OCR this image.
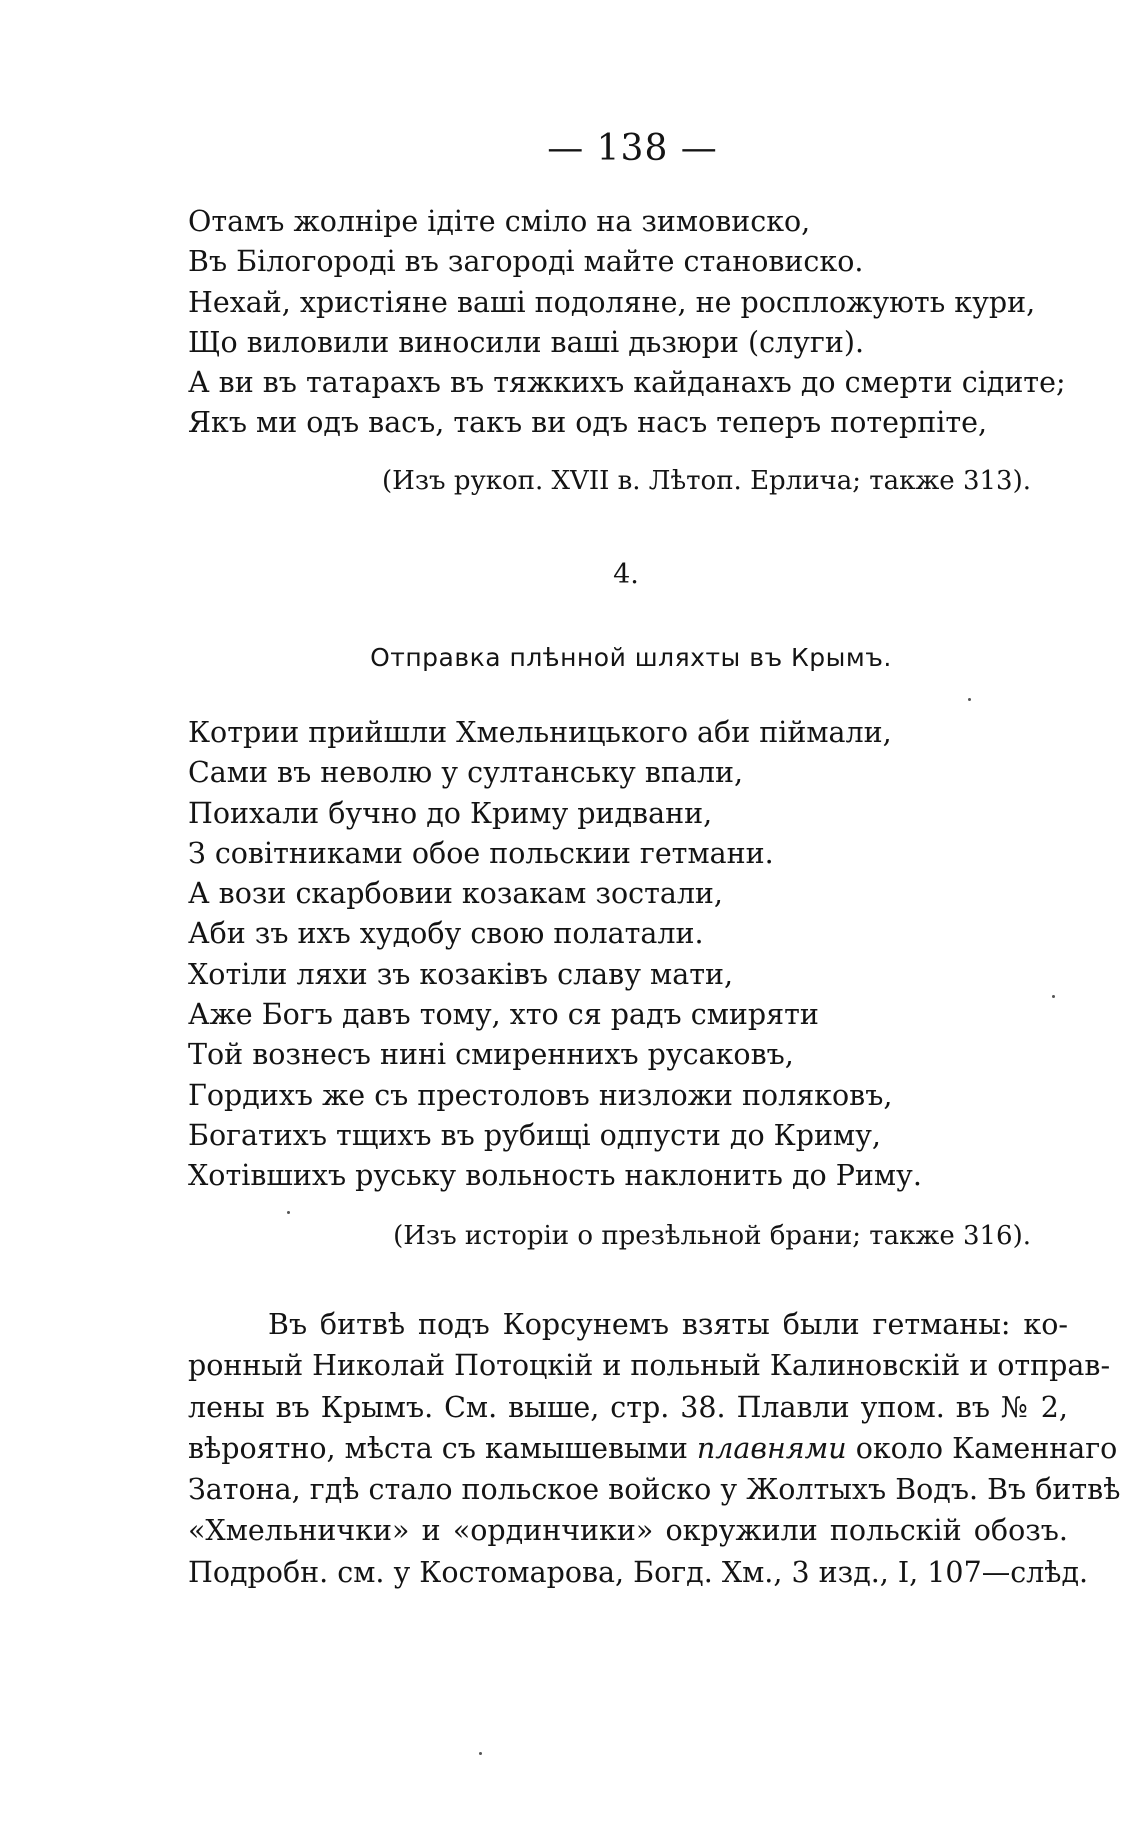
— 138 —
Отамъ жолніре ідіте сміло на зимовиско,
Въ Білогороді въ загороді майте становиско.
Нехай, христіяне ваші подоляне, не роспложують кури,
Що виловили виносили ваші дьзюри (слуги).
А ви въ татарахъ въ тяжкихъ кайданахъ до смерти сідите;
Якъ ми одъ васъ, такъ ви одъ насъ теперъ потерпіте,
(Изъ рукоп. XVII в. Лѣтоп. Ерлича; также 313).
4.
Отправка плѣнной шляхты въ Крымъ.
Котрии прийшли Хмельницького аби піймали,
Сами въ неволю у султанську впали,
Поихали бучно до Криму ридвани,
З совітниками обое польскии гетмани.
А вози скарбовии козакам зостали,
Аби зъ ихъ худобу свою полатали.
Хотіли ляхи зъ козаківъ славу мати,
Аже Богъ давъ тому, хто ся радъ смиряти
Той вознесъ нині смиреннихъ русаковъ,
Гордихъ же съ престоловъ низложи поляковъ,
Богатихъ тщихъ въ рубищі одпусти до Криму,
Хотівшихъ руську вольность наклонить до Риму.
(Изъ исторіи о презѣльной брани; также 316).
Въ битвѣ подъ Корсунемъ взяты были гетманы: ко-
ронный Николай Потоцкій и польный Калиновскій и отправ-
лены въ Крымъ. См. выше, стр. 38. Плавли упом. въ № 2,
вѣроятно, мѣста съ камышевыми плавнями около Каменнаго
Затона, гдѣ стало польское войско у Жолтыхъ Водъ. Въ битвѣ
«Хмельнички» и «ординчики» окружили польскій обозъ.
Подробн. см. у Костомарова, Богд. Хм., 3 изд., I, 107—слѣд.
